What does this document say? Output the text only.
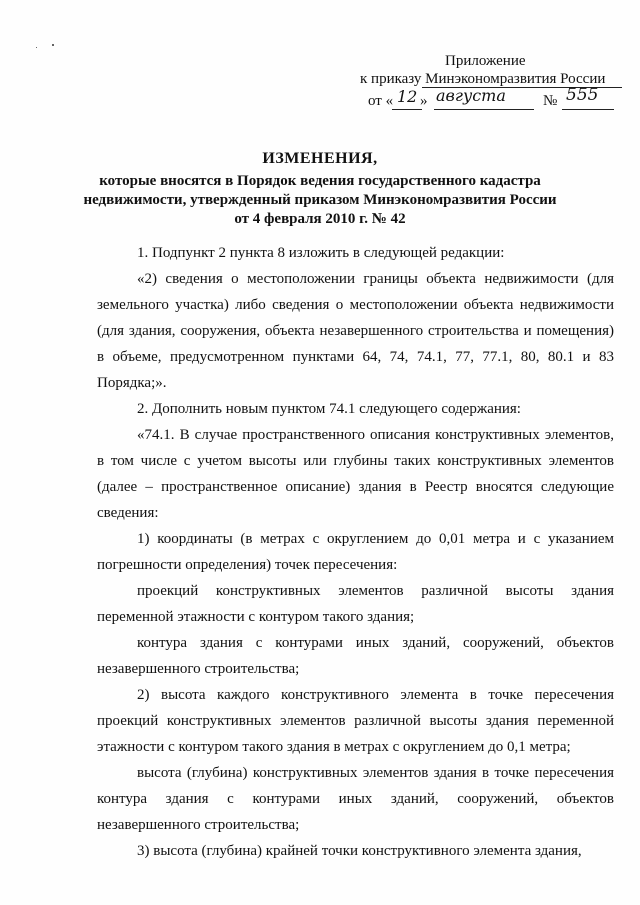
Приложение
к приказу Минэкономразвития России
от « 12 » августа	№ 555
ИЗМЕНЕНИЯ,
которые вносятся в Порядок ведения государственного кадастра
недвижимости, утвержденный приказом Минэкономразвития России
от 4 февраля 2010 г. № 42

1. Подпункт 2 пункта 8 изложить в следующей редакции:

«2) сведения о местоположении границы объекта недвижимости (для земельного участка) либо сведения о местоположении объекта недвижимости (для здания, сооружения, объекта незавершенного строительства и помещения) в объеме, предусмотренном пунктами 64, 74, 74.1, 77, 77.1, 80, 80.1 и 83 Порядка;».

2. Дополнить новым пунктом 74.1 следующего содержания:

«74.1. В случае пространственного описания конструктивных элементов, в том числе с учетом высоты или глубины таких конструктивных элементов (далее – пространственное описание) здания в Реестр вносятся следующие сведения:

1) координаты (в метрах с округлением до 0,01 метра и с указанием погрешности определения) точек пересечения:

проекций конструктивных элементов различной высоты здания переменной этажности с контуром такого здания;

контура здания с контурами иных зданий, сооружений, объектов незавершенного строительства;

2) высота каждого конструктивного элемента в точке пересечения проекций конструктивных элементов различной высоты здания переменной этажности с контуром такого здания в метрах с округлением до 0,1 метра;

высота (глубина) конструктивных элементов здания в точке пересечения контура здания с контурами иных зданий, сооружений, объектов незавершенного строительства;

3) высота (глубина) крайней точки конструктивного элемента здания,
